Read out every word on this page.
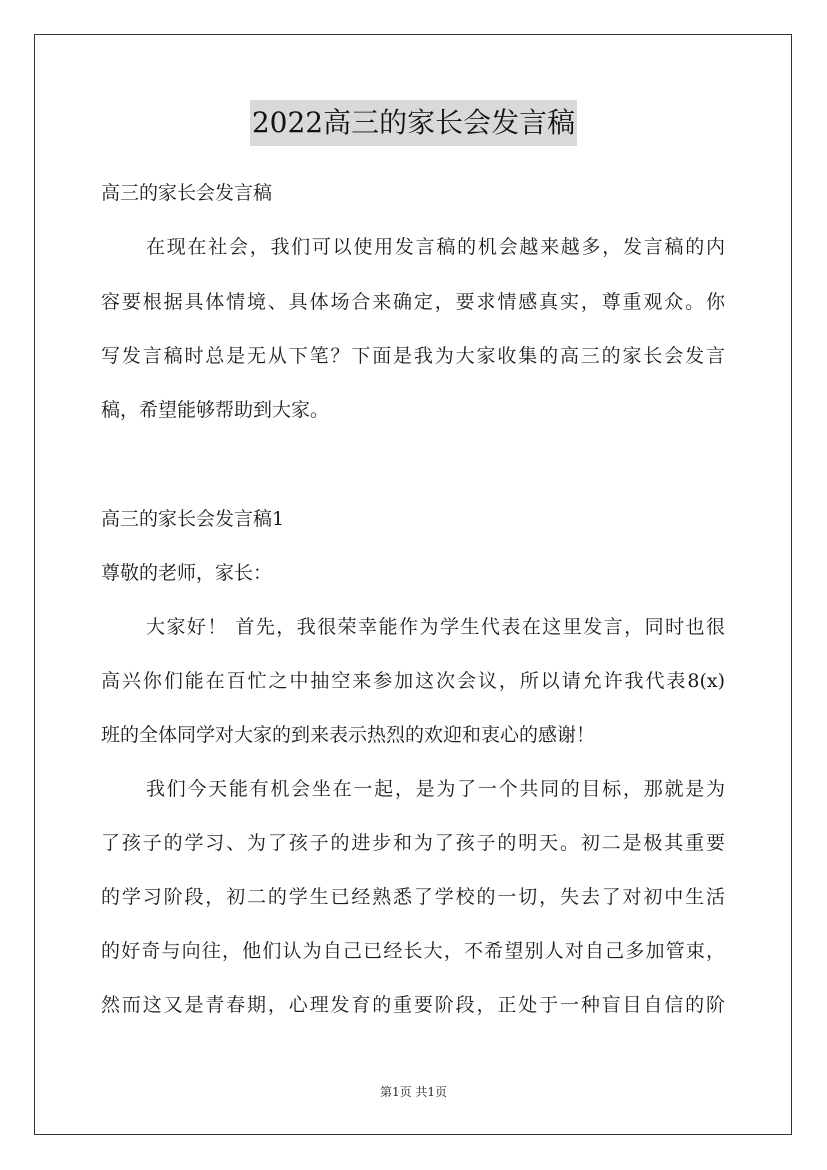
2022高三的家长会发言稿
高三的家长会发言稿
在现在社会，我们可以使用发言稿的机会越来越多，发言稿的内
容要根据具体情境、具体场合来确定，要求情感真实，尊重观众。你
写发言稿时总是无从下笔？下面是我为大家收集的高三的家长会发言
稿，希望能够帮助到大家。
高三的家长会发言稿1
尊敬的老师，家长：
大家好！ 首先，我很荣幸能作为学生代表在这里发言，同时也很
高兴你们能在百忙之中抽空来参加这次会议，所以请允许我代表8(x)
班的全体同学对大家的到来表示热烈的欢迎和衷心的感谢！
我们今天能有机会坐在一起，是为了一个共同的目标，那就是为
了孩子的学习、为了孩子的进步和为了孩子的明天。初二是极其重要
的学习阶段，初二的学生已经熟悉了学校的一切，失去了对初中生活
的好奇与向往，他们认为自己已经长大，不希望别人对自己多加管束，
然而这又是青春期，心理发育的重要阶段，正处于一种盲目自信的阶
第1页 共1页
